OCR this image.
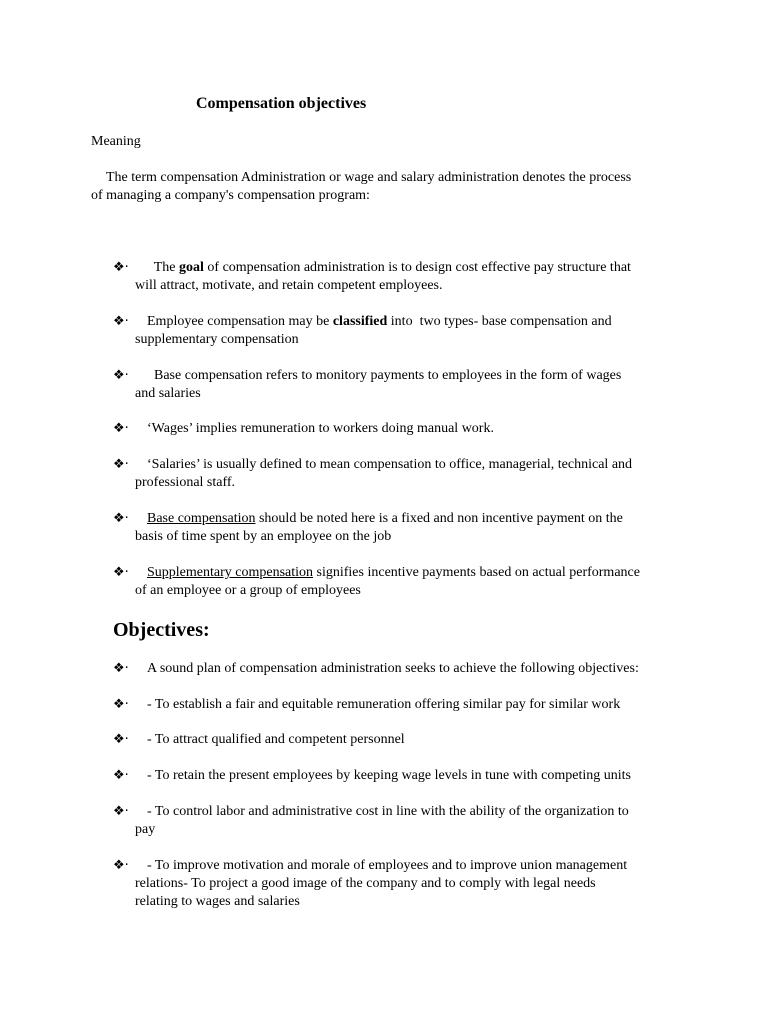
Compensation objectives
Meaning
The term compensation Administration or wage and salary administration denotes the process
of managing a company's compensation program:
❖·	The goal of compensation administration is to design cost effective pay structure that
will attract, motivate, and retain competent employees.
❖·	Employee compensation may be classified into  two types- base compensation and
supplementary compensation
❖·	Base compensation refers to monitory payments to employees in the form of wages
and salaries
❖·	‘Wages’ implies remuneration to workers doing manual work.
❖·	‘Salaries’ is usually defined to mean compensation to office, managerial, technical and
professional staff.
❖·	Base compensation should be noted here is a fixed and non incentive payment on the
basis of time spent by an employee on the job
❖·	Supplementary compensation signifies incentive payments based on actual performance
of an employee or a group of employees
Objectives:
❖·	A sound plan of compensation administration seeks to achieve the following objectives:
❖·	- To establish a fair and equitable remuneration offering similar pay for similar work
❖·	- To attract qualified and competent personnel
❖·	- To retain the present employees by keeping wage levels in tune with competing units
❖·	- To control labor and administrative cost in line with the ability of the organization to
pay
❖·	- To improve motivation and morale of employees and to improve union management
relations- To project a good image of the company and to comply with legal needs
relating to wages and salaries
